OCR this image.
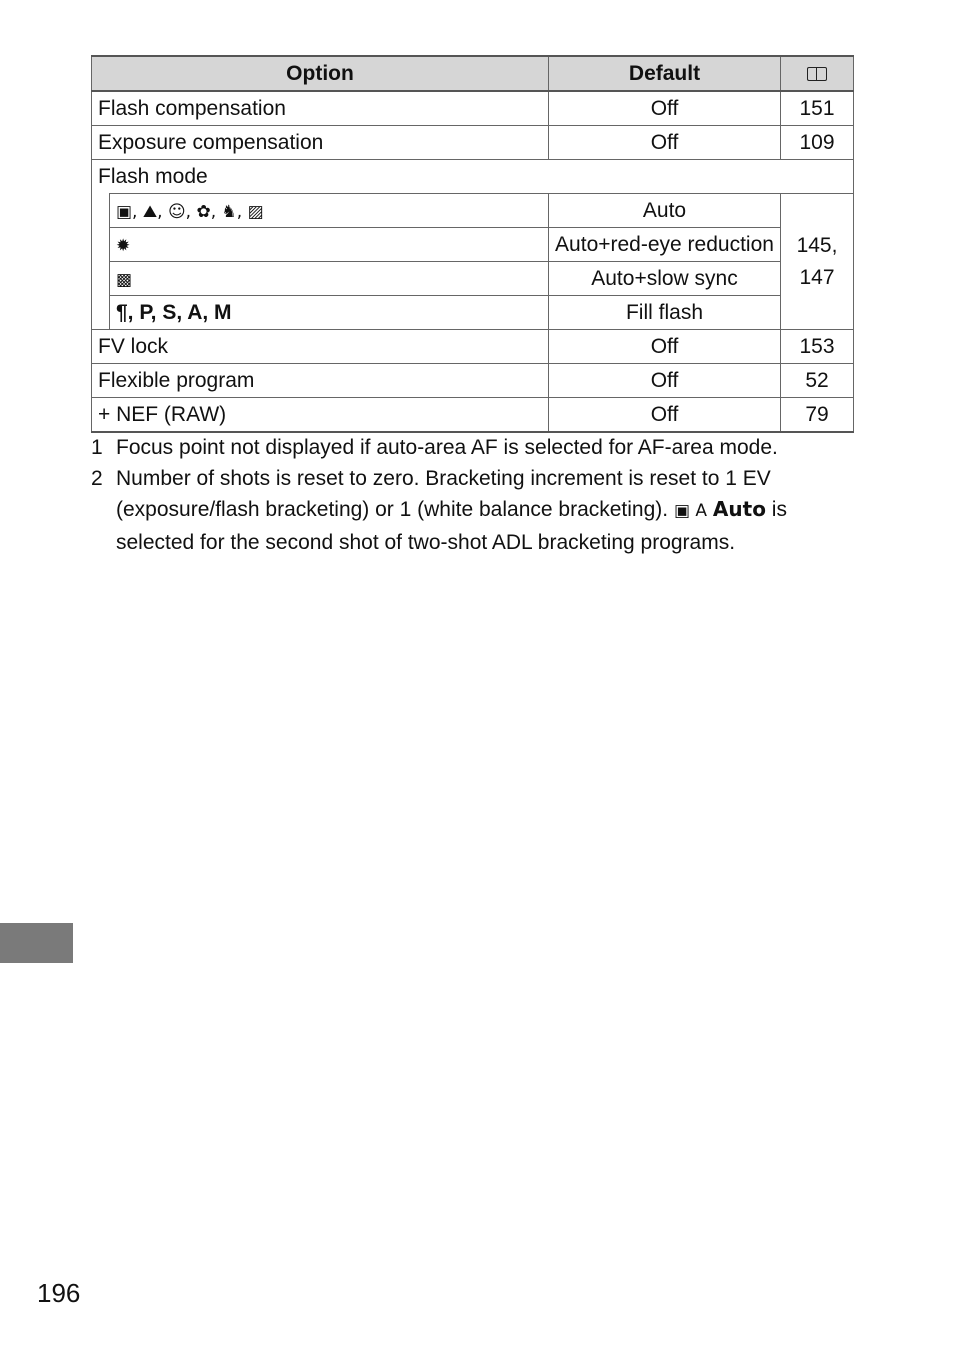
Option		Default	
Flash compensation		Off	151
Exposure compensation		Off	109
Flash mode			
	▣, ⛰, ☺, ✿, ♞, ▨	Auto	145, 147
	✹	Auto+red-eye reduction	
	▩	Auto+slow sync	
	¶, P, S, A, M	Fill flash	
FV lock		Off	153
Flexible program		Off	52
+ NEF (RAW)		Off	79
1 Focus point not displayed if auto-area AF is selected for AF-area mode.
2 Number of shots is reset to zero. Bracketing increment is reset to 1 EV (exposure/flash bracketing) or 1 (white balance bracketing). ▣ A Auto is selected for the second shot of two-shot ADL bracketing programs.
196
